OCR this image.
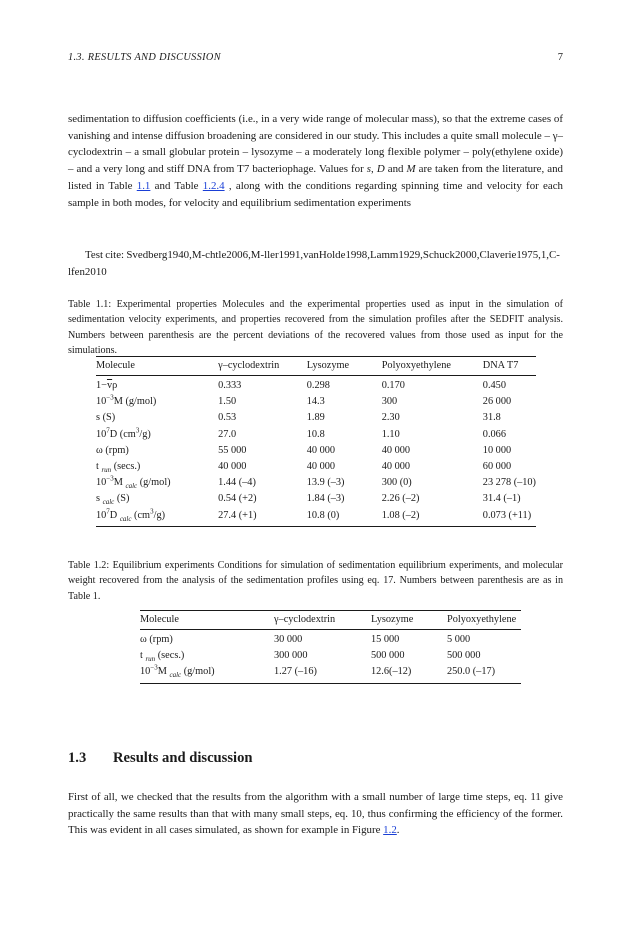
1.3. RESULTS AND DISCUSSION	7

sedimentation to diffusion coefficients (i.e., in a very wide range of molecular mass), so that the extreme cases of vanishing and intense diffusion broadening are considered in our study. This includes a quite small molecule – γ–cyclodextrin – a small globular protein – lysozyme – a moderately long flexible polymer – poly(ethylene oxide) – and a very long and stiff DNA from T7 bacteriophage. Values for s, D and M are taken from the literature, and listed in Table 1.1 and Table 1.2.4 , along with the conditions regarding spinning time and velocity for each sample in both modes, for velocity and equilibrium sedimentation experiments

Test cite: Svedberg1940,M-chtle2006,M-ller1991,vanHolde1998,Lamm1929,Schuck2000,Claverie1975,1,C-lfen2010

Table 1.1: Experimental properties Molecules and the experimental properties used as input in the simulation of sedimentation velocity experiments, and properties recovered from the simulation profiles after the SEDFIT analysis. Numbers between parenthesis are the percent deviations of the recovered values from those used as input for the simulations.

Molecule	γ–cyclodextrin	Lysozyme	Polyoxyethylene	DNA T7
$1-\overline{v}\rho$	0.333	0.298	0.170	0.450
$10^{-3}M$ (g/mol)	1.50	14.3	300	26 000
s (S)	0.53	1.89	2.30	31.8
$10^7D$ $(cm^3/g)$	27.0	10.8	1.10	0.066
ω (rpm)	55 000	40 000	40 000	10 000
t $_{run}$ (secs.)	40 000	40 000	40 000	60 000
$10^{-3}M$ $_{calc}$ (g/mol)	1.44 (–4)	13.9 (–3)	300 (0)	23 278 (–10)
s $_{calc}$ (S)	0.54 (+2)	1.84 (–3)	2.26 (–2)	31.4 (–1)
$10^7D$ $_{calc}$ $(cm^3/g)$	27.4 (+1)	10.8 (0)	1.08 (–2)	0.073 (+11)

Table 1.2: Equilibrium experiments Conditions for simulation of sedimentation equilibrium experiments, and molecular weight recovered from the analysis of the sedimentation profiles using eq. 17. Numbers between parenthesis are as in Table 1.

Molecule	γ–cyclodextrin	Lysozyme	Polyoxyethylene
ω (rpm)	30 000	15 000	5 000
t $_{run}$ (secs.)	300 000	500 000	500 000
$10^{-3}M$ $_{calc}$ (g/mol)	1.27 (–16)	12.6(–12)	250.0 (–17)
1.3	Results and discussion

First of all, we checked that the results from the algorithm with a small number of large time steps, eq. 11 give practically the same results than that with many small steps, eq. 10, thus confirming the efficiency of the former. This was evident in all cases simulated, as shown for example in Figure 1.2.
